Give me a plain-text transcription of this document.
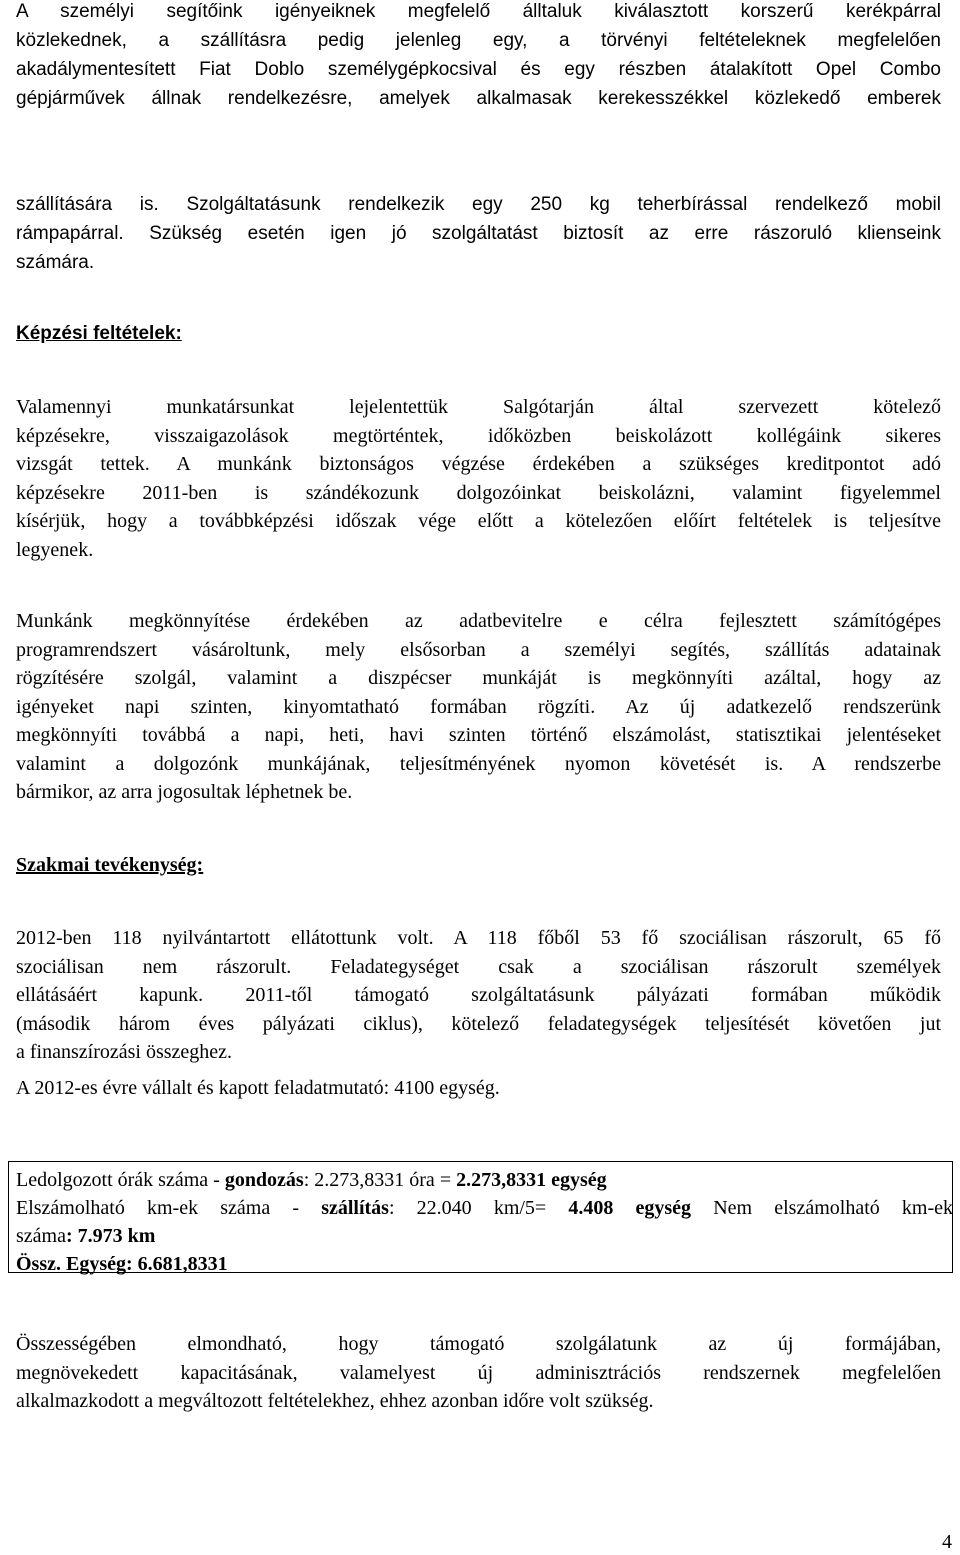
A személyi segítőink igényeiknek megfelelő álltaluk kiválasztott korszerű kerékpárral
közlekednek, a szállításra pedig jelenleg egy, a törvényi feltételeknek megfelelően
akadálymentesített Fiat Doblo személygépkocsival és egy részben átalakított Opel Combo
gépjárművek állnak rendelkezésre, amelyek alkalmasak kerekesszékkel közlekedő emberek
szállítására is. Szolgáltatásunk rendelkezik egy 250 kg teherbírással rendelkező mobil
rámpapárral. Szükség esetén igen jó szolgáltatást biztosít az erre rászoruló klienseink
számára.

Képzési feltételek:

Valamennyi munkatársunkat lejelentettük Salgótarján által szervezett kötelező
képzésekre, visszaigazolások megtörténtek, időközben beiskolázott kollégáink sikeres
vizsgát tettek. A munkánk biztonságos végzése érdekében a szükséges kreditpontot adó
képzésekre 2011-ben is szándékozunk dolgozóinkat beiskolázni, valamint figyelemmel
kísérjük, hogy a továbbképzési időszak vége előtt a kötelezően előírt feltételek is teljesítve
legyenek.
Munkánk megkönnyítése érdekében az adatbevitelre e célra fejlesztett számítógépes
programrendszert vásároltunk, mely elsősorban a személyi segítés, szállítás adatainak
rögzítésére szolgál, valamint a diszpécser munkáját is megkönnyíti azáltal, hogy az
igényeket napi szinten, kinyomtatható formában rögzíti. Az új adatkezelő rendszerünk
megkönnyíti továbbá a napi, heti, havi szinten történő elszámolást, statisztikai jelentéseket
valamint a dolgozónk munkájának, teljesítményének nyomon követését is. A rendszerbe
bármikor, az arra jogosultak léphetnek be.

Szakmai tevékenység:

2012-ben 118 nyilvántartott ellátottunk volt. A 118 főből 53 fő szociálisan rászorult, 65 fő
szociálisan nem rászorult. Feladategységet csak a szociálisan rászorult személyek
ellátásáért kapunk. 2011-től támogató szolgáltatásunk pályázati formában működik
(második három éves pályázati ciklus), kötelező feladategységek teljesítését követően jut
a finanszírozási összeghez.

A 2012-es évre vállalt és kapott feladatmutató: 4100 egység.

Ledolgozott órák száma - gondozás: 2.273,8331 óra = 2.273,8331 egység
Elszámolható km-ek száma - szállítás: 22.040 km/5= 4.408 egység Nem elszámolható km-ek
száma: 7.973 km
Össz. Egység: 6.681,8331
Összességében elmondható, hogy támogató szolgálatunk az új formájában,
megnövekedett kapacitásának, valamelyest új adminisztrációs rendszernek megfelelően
alkalmazkodott a megváltozott feltételekhez, ehhez azonban időre volt szükség.
4
